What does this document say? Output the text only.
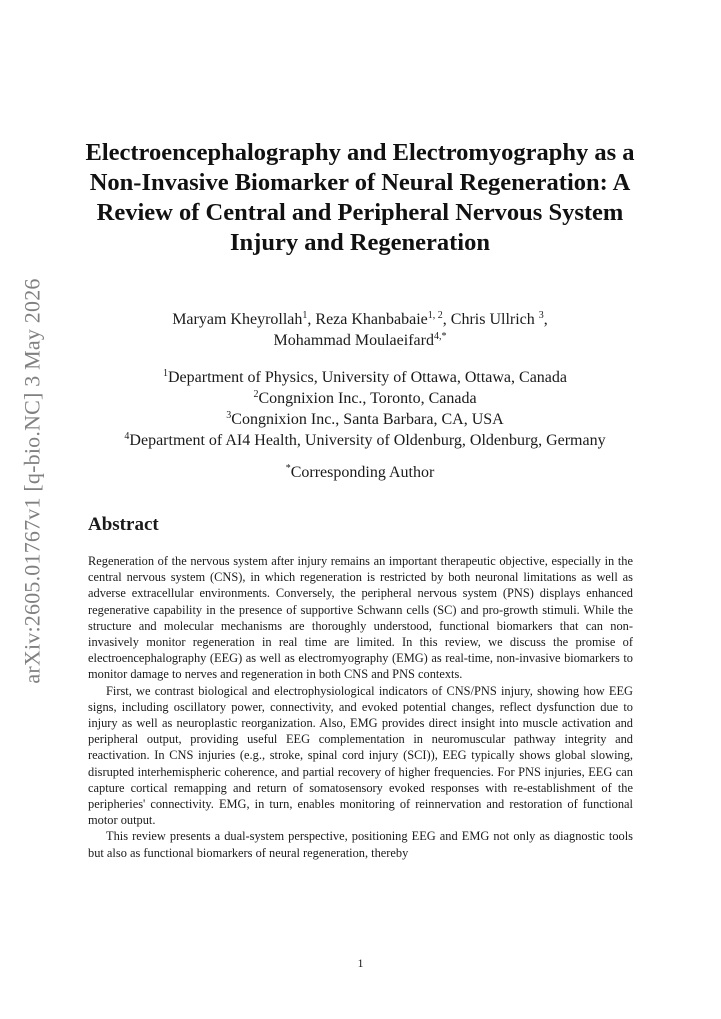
arXiv:2605.01767v1 [q-bio.NC] 3 May 2026
Electroencephalography and Electromyography as a Non-Invasive Biomarker of Neural Regeneration: A Review of Central and Peripheral Nervous System Injury and Regeneration
Maryam Kheyrollah$^1$, Reza Khanbabaie$^{1, 2}$, Chris Ullrich $^3$,
Mohammad Moulaeifard$^{4,*}$
$^1$Department of Physics, University of Ottawa, Ottawa, Canada
$^2$Congnixion Inc., Toronto, Canada
$^3$Congnixion Inc., Santa Barbara, CA, USA
$^4$Department of AI4 Health, University of Oldenburg, Oldenburg, Germany
*Corresponding Author
Abstract

Regeneration of the nervous system after injury remains an important therapeutic objective, especially in the central nervous system (CNS), in which regeneration is restricted by both neuronal limitations as well as adverse extracellular environments. Conversely, the peripheral nervous system (PNS) displays enhanced regenerative capability in the presence of supportive Schwann cells (SC) and pro-growth stimuli. While the structure and molecular mechanisms are thoroughly understood, functional biomarkers that can non-invasively monitor regeneration in real time are limited. In this review, we discuss the promise of electroencephalography (EEG) as well as electromyography (EMG) as real-time, non-invasive biomarkers to monitor damage to nerves and regeneration in both CNS and PNS contexts.

First, we contrast biological and electrophysiological indicators of CNS/PNS injury, showing how EEG signs, including oscillatory power, connectivity, and evoked potential changes, reflect dysfunction due to injury as well as neuroplastic reorganization. Also, EMG provides direct insight into muscle activation and peripheral output, providing useful EEG complementation in neuromuscular pathway integrity and reactivation. In CNS injuries (e.g., stroke, spinal cord injury (SCI)), EEG typically shows global slowing, disrupted interhemispheric coherence, and partial recovery of higher frequencies. For PNS injuries, EEG can capture cortical remapping and return of somatosensory evoked responses with re-establishment of the peripheries' connectivity. EMG, in turn, enables monitoring of reinnervation and restoration of functional motor output.

This review presents a dual-system perspective, positioning EEG and EMG not only as diagnostic tools but also as functional biomarkers of neural regeneration, thereby

1
